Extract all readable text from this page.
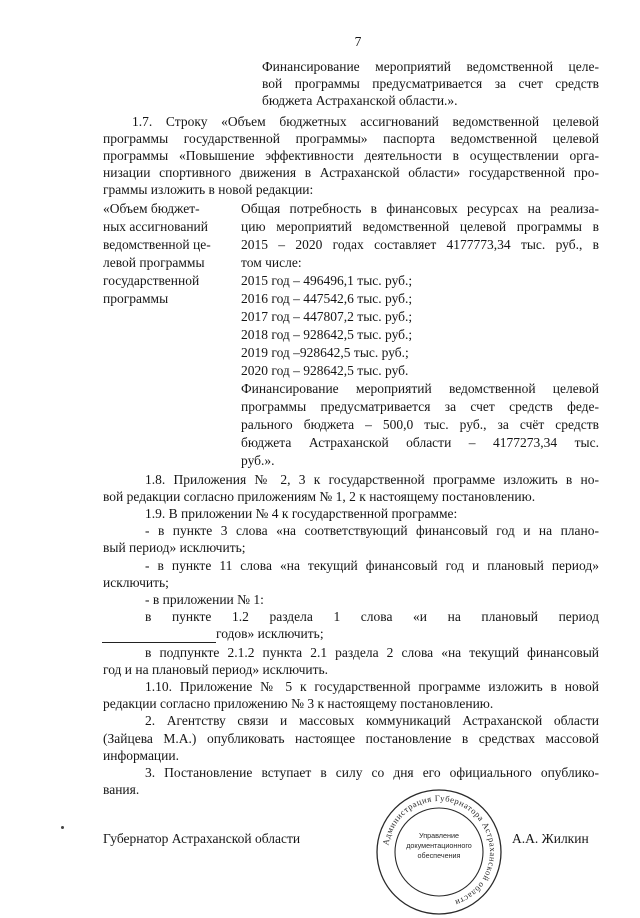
7
Финансирование мероприятий ведомственной целе-
вой программы предусматривается за счет средств
бюджета Астраханской области.».
1.7. Строку «Объем бюджетных ассигнований ведомственной целевой
программы государственной программы» паспорта ведомственной целевой
программы «Повышение эффективности деятельности в осуществлении орга-
низации спортивного движения в Астраханской области» государственной про-
граммы изложить в новой редакции:
«Объем бюджет-
ных ассигнований
ведомственной це-
левой программы
государственной
программы
Общая потребность в финансовых ресурсах на реализа-
цию мероприятий ведомственной целевой программы в
2015 – 2020 годах составляет 4177773,34 тыс. руб., в
том числе:
2015 год – 496496,1 тыс. руб.;
2016 год – 447542,6 тыс. руб.;
2017 год – 447807,2 тыс. руб.;
2018 год – 928642,5 тыс. руб.;
2019 год –928642,5 тыс. руб.;
2020 год – 928642,5 тыс. руб.
Финансирование мероприятий ведомственной целевой
программы предусматривается за счет средств феде-
рального бюджета – 500,0 тыс. руб., за счёт средств
бюджета Астраханской области – 4177273,34 тыс.
руб.».
1.8. Приложения № 2, 3 к государственной программе изложить в но-
вой редакции согласно приложениям № 1, 2 к настоящему постановлению.
1.9. В приложении № 4 к государственной программе:
- в пункте 3 слова «на соответствующий финансовый год и на плано-
вый период» исключить;
- в пункте 11 слова «на текущий финансовый год и плановый период»
исключить;
- в приложении № 1:
в пункте 1.2 раздела 1 слова «и на плановый период
годов» исключить;
в подпункте 2.1.2 пункта 2.1 раздела 2 слова «на текущий финансовый
год и на плановый период» исключить.
1.10. Приложение № 5 к государственной программе изложить в новой
редакции согласно приложению № 3 к настоящему постановлению.
2. Агентству связи и массовых коммуникаций Астраханской области
(Зайцева М.А.) опубликовать настоящее постановление в средствах массовой
информации.
3. Постановление вступает в силу со дня его официального опублико-
вания.
Губернатор Астраханской области	А.А. Жилкин
Администрация Губернатора Астраханской области
Управление
документационного
обеспечения
